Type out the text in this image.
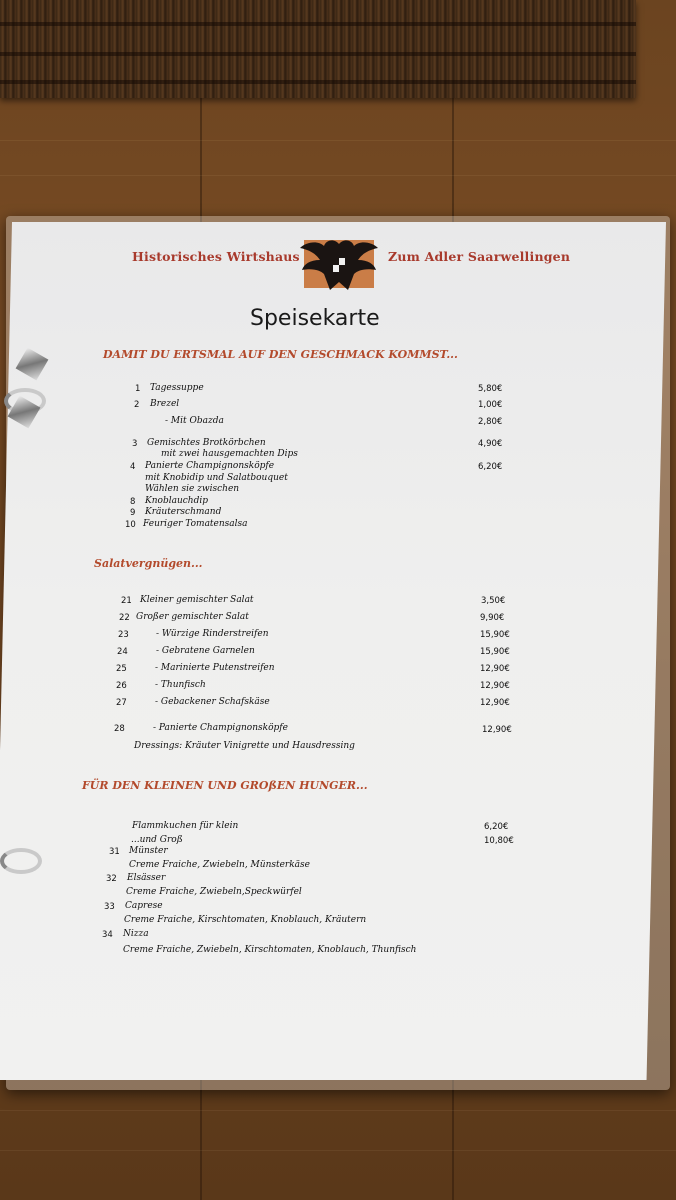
Historisches Wirtshaus	Zum Adler Saarwellingen
Speisekarte
DAMIT DU ERTSMAL AUF DEN GESCHMACK KOMMST...
Salatvergnügen...
FÜR DEN KLEINEN UND GROßEN HUNGER...
1 Tagessuppe	5,80€
2 Brezel	1,00€
- Mit Obazda	2,80€
3 Gemischtes Brotkörbchen	4,90€
mit zwei hausgemachten Dips
4 Panierte Champignonsköpfe	6,20€
mit Knobidip und Salatbouquet
Wählen sie zwischen
8 Knoblauchdip
9 Kräuterschmand
10 Feuriger Tomatensalsa
21 Kleiner gemischter Salat	3,50€
22 Großer gemischter Salat	9,90€
23	- Würzige Rinderstreifen	15,90€
24	- Gebratene Garnelen	15,90€
25	- Marinierte Putenstreifen	12,90€
26	- Thunfisch	12,90€
27	- Gebackener Schafskäse	12,90€
28	- Panierte Champignonsköpfe	12,90€
Dressings: Kräuter Vinigrette und Hausdressing
Flammkuchen für klein	6,20€
...und Groß	10,80€
31 Münster
Creme Fraiche, Zwiebeln, Münsterkäse
32 Elsässer
Creme Fraiche, Zwiebeln,Speckwürfel
33 Caprese
Creme Fraiche, Kirschtomaten, Knoblauch, Kräutern
34 Nizza
Creme Fraiche, Zwiebeln, Kirschtomaten, Knoblauch, Thunfisch
